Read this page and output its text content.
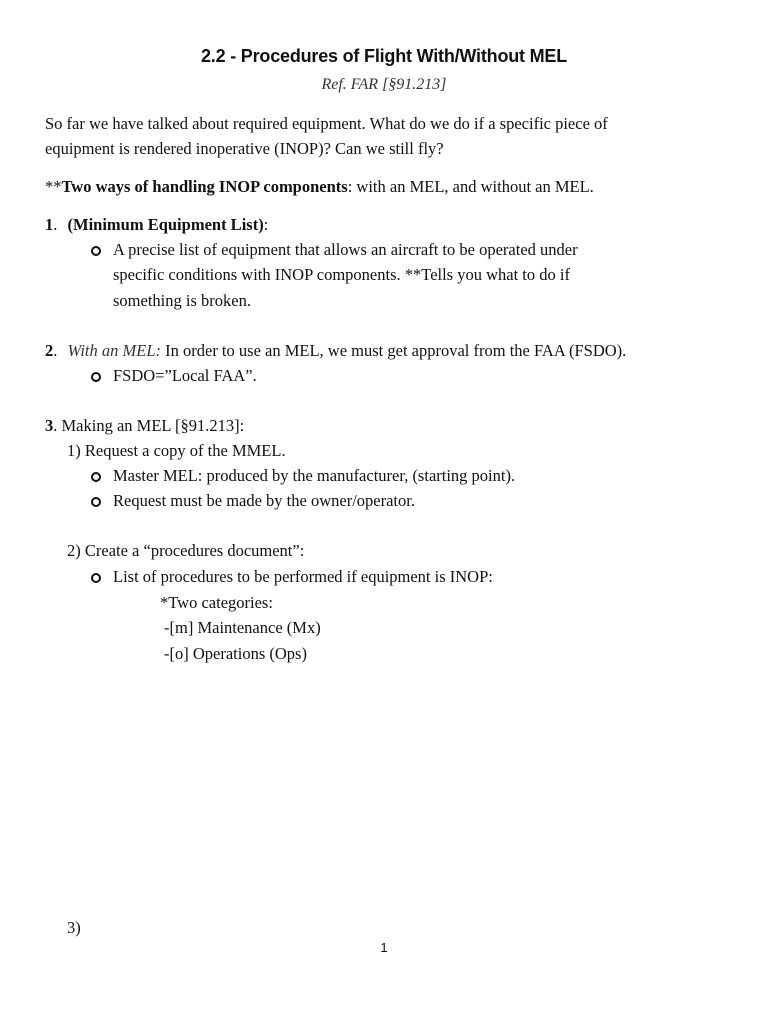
2.2 - Procedures of Flight With/Without MEL
Ref. FAR [§91.213]
So far we have talked about required equipment. What do we do if a specific piece of
equipment is rendered inoperative (INOP)? Can we still fly?
**Two ways of handling INOP components: with an MEL, and without an MEL.
1. (Minimum Equipment List):
A precise list of equipment that allows an aircraft to be operated under
specific conditions with INOP components. **Tells you what to do if
something is broken.
2. With an MEL: In order to use an MEL, we must get approval from the FAA (FSDO).
FSDO=”Local FAA”.
3. Making an MEL [§91.213]:
1) Request a copy of the MMEL.
Master MEL: produced by the manufacturer, (starting point).
Request must be made by the owner/operator.
2) Create a “procedures document”:
List of procedures to be performed if equipment is INOP:
*Two categories:
-[m] Maintenance (Mx)
-[o] Operations (Ops)
3)
1
